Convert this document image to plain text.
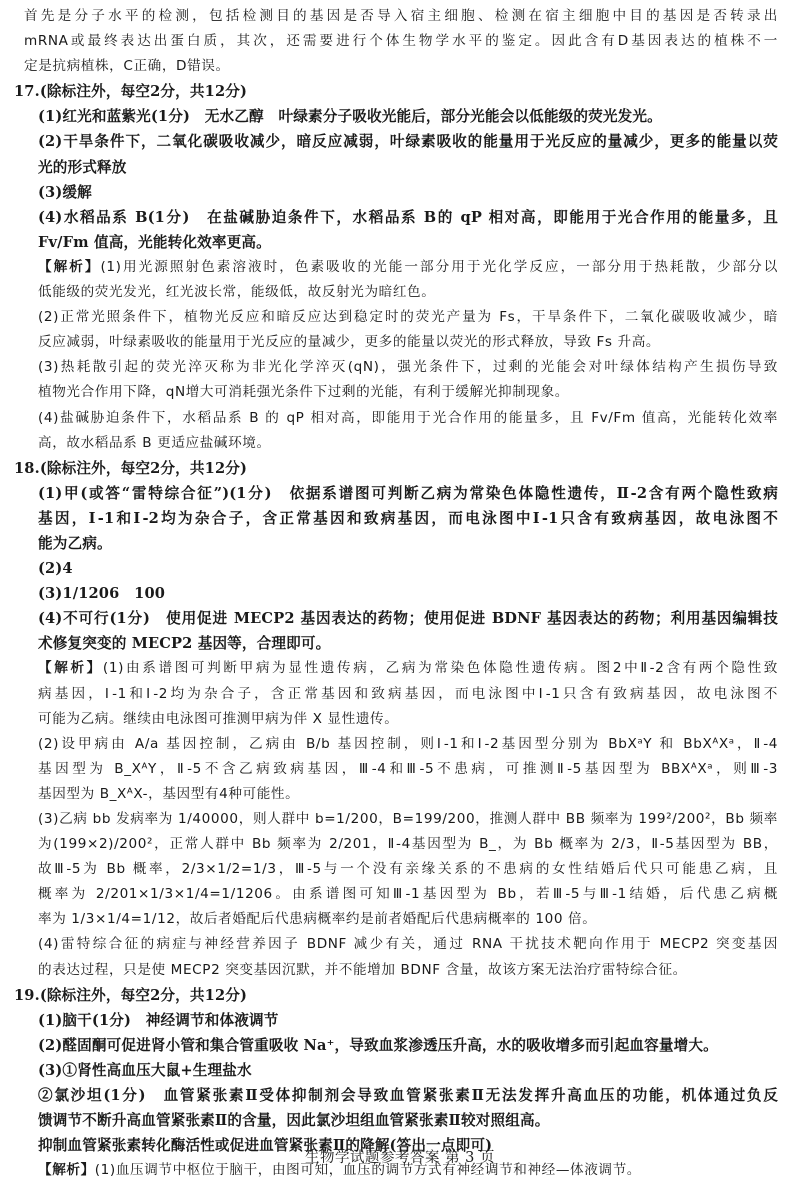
首先是分子水平的检测，包括检测目的基因是否导入宿主细胞、检测在宿主细胞中目的基因是否转录出
mRNA或最终表达出蛋白质，其次，还需要进行个体生物学水平的鉴定。因此含有D基因表达的植株不一
定是抗病植株，C正确，D错误。
17.(除标注外，每空2分，共12分)
(1)红光和蓝紫光(1分)　无水乙醇　叶绿素分子吸收光能后，部分光能会以低能级的荧光发光。
(2)干旱条件下，二氧化碳吸收减少，暗反应减弱，叶绿素吸收的能量用于光反应的量减少，更多的能量以荧
光的形式释放
(3)缓解
(4)水稻品系 B(1分)　在盐碱胁迫条件下，水稻品系 B的 qP 相对高，即能用于光合作用的能量多，且
Fv/Fm 值高，光能转化效率更高。
【解析】(1)用光源照射色素溶液时，色素吸收的光能一部分用于光化学反应，一部分用于热耗散，少部分以
低能级的荧光发光，红光波长常，能级低，故反射光为暗红色。
(2)正常光照条件下，植物光反应和暗反应达到稳定时的荧光产量为 Fs，干旱条件下，二氧化碳吸收减少，暗
反应减弱，叶绿素吸收的能量用于光反应的量减少，更多的能量以荧光的形式释放，导致 Fs 升高。
(3)热耗散引起的荧光淬灭称为非光化学淬灭(qN)，强光条件下，过剩的光能会对叶绿体结构产生损伤导致
植物光合作用下降，qN增大可消耗强光条件下过剩的光能，有利于缓解光抑制现象。
(4)盐碱胁迫条件下，水稻品系 B 的 qP 相对高，即能用于光合作用的能量多，且 Fv/Fm 值高，光能转化效率
高，故水稻品系 B 更适应盐碱环境。
18.(除标注外，每空2分，共12分)
(1)甲(或答“雷特综合征”)(1分)　依据系谱图可判断乙病为常染色体隐性遗传，Ⅱ-2含有两个隐性致病
基因，Ⅰ-1和Ⅰ-2均为杂合子，含正常基因和致病基因，而电泳图中Ⅰ-1只含有致病基因，故电泳图不
能为乙病。
(2)4
(3)1/1206　100
(4)不可行(1分)　使用促进 MECP2 基因表达的药物；使用促进 BDNF 基因表达的药物；利用基因编辑技
术修复突变的 MECP2 基因等，合理即可。
【解析】(1)由系谱图可判断甲病为显性遗传病，乙病为常染色体隐性遗传病。图2中Ⅱ-2含有两个隐性致
病基因，Ⅰ-1和Ⅰ-2均为杂合子，含正常基因和致病基因，而电泳图中Ⅰ-1只含有致病基因，故电泳图不
可能为乙病。继续由电泳图可推测甲病为伴 X 显性遗传。
(2)设甲病由 A/a 基因控制，乙病由 B/b 基因控制，则Ⅰ-1和Ⅰ-2基因型分别为 BbXᵃY 和 BbXᴬXᵃ，Ⅱ-4
基因型为 B_XᴬY，Ⅱ-5不含乙病致病基因，Ⅲ-4和Ⅲ-5不患病，可推测Ⅱ-5基因型为 BBXᴬXᵃ，则Ⅲ-3
基因型为 B_XᴬX-，基因型有4种可能性。
(3)乙病 bb 发病率为 1/40000，则人群中 b=1/200，B=199/200，推测人群中 BB 频率为 199²/200²，Bb 频率
为(199×2)/200²，正常人群中 Bb 频率为 2/201，Ⅱ-4基因型为 B_，为 Bb 概率为 2/3，Ⅱ-5基因型为 BB，
故Ⅲ-5为 Bb 概率，2/3×1/2=1/3，Ⅲ-5与一个没有亲缘关系的不患病的女性结婚后代只可能患乙病，且
概率为 2/201×1/3×1/4=1/1206。由系谱图可知Ⅲ-1基因型为 Bb，若Ⅲ-5与Ⅲ-1结婚，后代患乙病概
率为 1/3×1/4=1/12，故后者婚配后代患病概率约是前者婚配后代患病概率的 100 倍。
(4)雷特综合征的病症与神经营养因子 BDNF 减少有关，通过 RNA 干扰技术靶向作用于 MECP2 突变基因
的表达过程，只是使 MECP2 突变基因沉默，并不能增加 BDNF 含量，故该方案无法治疗雷特综合征。
19.(除标注外，每空2分，共12分)
(1)脑干(1分)　神经调节和体液调节
(2)醛固酮可促进肾小管和集合管重吸收 Na⁺，导致血浆渗透压升高，水的吸收增多而引起血容量增大。
(3)①肾性高血压大鼠+生理盐水
②氯沙坦(1分)　血管紧张素Ⅱ受体抑制剂会导致血管紧张素Ⅱ无法发挥升高血压的功能，机体通过负反
馈调节不断升高血管紧张素Ⅱ的含量，因此氯沙坦组血管紧张素Ⅱ较对照组高。
抑制血管紧张素转化酶活性或促进血管紧张素Ⅱ的降解(答出一点即可)
【解析】(1)血压调节中枢位于脑干，由图可知，血压的调节方式有神经调节和神经—体液调节。
生物学试题参考答案 第 3 页
